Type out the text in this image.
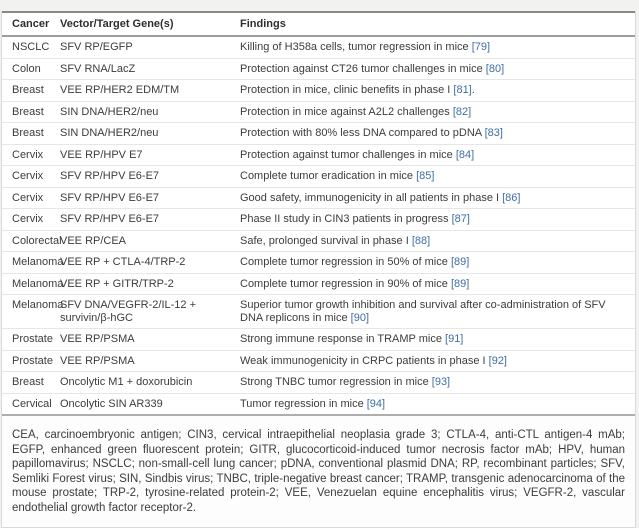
Cancer	Vector/Target Gene(s)	Findings
NSCLC	SFV RP/EGFP	Killing of H358a cells, tumor regression in mice [79]
Colon	SFV RNA/LacZ	Protection against CT26 tumor challenges in mice [80]
Breast	VEE RP/HER2 EDM/TM	Protection in mice, clinic benefits in phase I [81].
Breast	SIN DNA/HER2/neu	Protection in mice against A2L2 challenges [82]
Breast	SIN DNA/HER2/neu	Protection with 80% less DNA compared to pDNA [83]
Cervix	VEE RP/HPV E7	Protection against tumor challenges in mice [84]
Cervix	SFV RP/HPV E6-E7	Complete tumor eradication in mice [85]
Cervix	SFV RP/HPV E6-E7	Good safety, immunogenicity in all patients in phase I [86]
Cervix	SFV RP/HPV E6-E7	Phase II study in CIN3 patients in progress [87]
Colorectal	VEE RP/CEA	Safe, prolonged survival in phase I [88]
Melanoma	VEE RP + CTLA-4/TRP-2	Complete tumor regression in 50% of mice [89]
Melanoma	VEE RP + GITR/TRP-2	Complete tumor regression in 90% of mice [89]
Melanoma	SFV DNA/VEGFR-2/IL-12 + survivin/β-hGC	Superior tumor growth inhibition and survival after co-administration of SFV DNA replicons in mice [90]
Prostate	VEE RP/PSMA	Strong immune response in TRAMP mice [91]
Prostate	VEE RP/PSMA	Weak immunogenicity in CRPC patients in phase I [92]
Breast	Oncolytic M1 + doxorubicin	Strong TNBC tumor regression in mice [93]
Cervical	Oncolytic SIN AR339	Tumor regression in mice [94]
CEA, carcinoembryonic antigen; CIN3, cervical intraepithelial neoplasia grade 3; CTLA-4, anti-CTL antigen-4 mAb; EGFP, enhanced green fluorescent protein; GITR, glucocorticoid-induced tumor necrosis factor mAb; HPV, human papillomavirus; NSCLC; non-small-cell lung cancer; pDNA, conventional plasmid DNA; RP, recombinant particles; SFV, Semliki Forest virus; SIN, Sindbis virus; TNBC, triple-negative breast cancer; TRAMP, transgenic adenocarcinoma of the mouse prostate; TRP-2, tyrosine-related protein-2; VEE, Venezuelan equine encephalitis virus; VEGFR-2, vascular endothelial growth factor receptor-2.
